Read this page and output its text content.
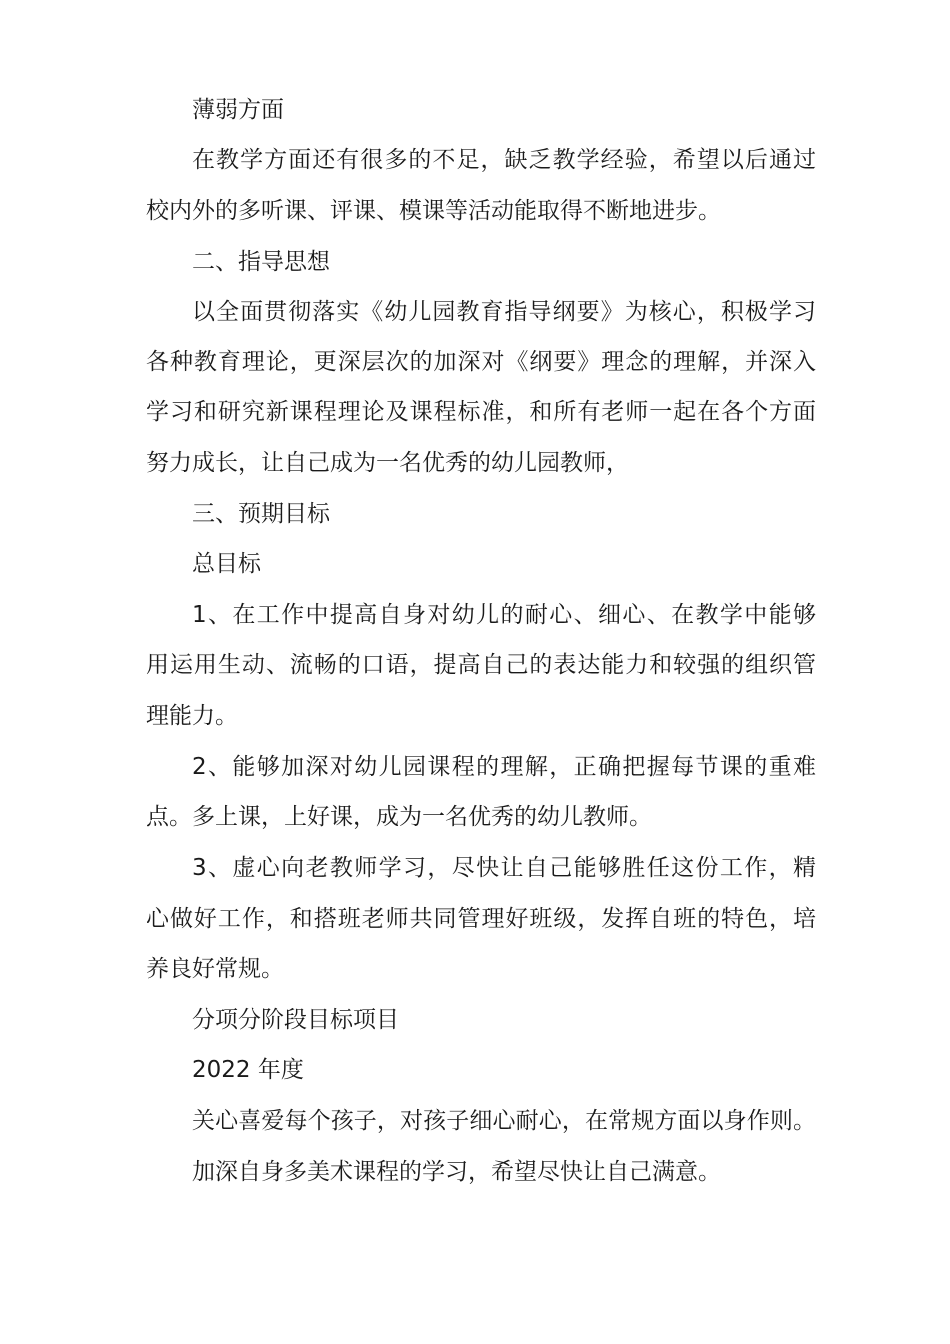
薄弱方面
在教学方面还有很多的不足，缺乏教学经验，希望以后通过
校内外的多听课、评课、模课等活动能取得不断地进步。
二、指导思想
以全面贯彻落实《幼儿园教育指导纲要》为核心，积极学习
各种教育理论，更深层次的加深对《纲要》理念的理解，并深入
学习和研究新课程理论及课程标准，和所有老师一起在各个方面
努力成长，让自己成为一名优秀的幼儿园教师，
三、预期目标
总目标
1、在工作中提高自身对幼儿的耐心、细心、在教学中能够
用运用生动、流畅的口语，提高自己的表达能力和较强的组织管
理能力。
2、能够加深对幼儿园课程的理解，正确把握每节课的重难
点。多上课，上好课，成为一名优秀的幼儿教师。
3、虚心向老教师学习，尽快让自己能够胜任这份工作，精
心做好工作，和搭班老师共同管理好班级，发挥自班的特色，培
养良好常规。
分项分阶段目标项目
2022 年度
关心喜爱每个孩子，对孩子细心耐心，在常规方面以身作则。
加深自身多美术课程的学习，希望尽快让自己满意。
